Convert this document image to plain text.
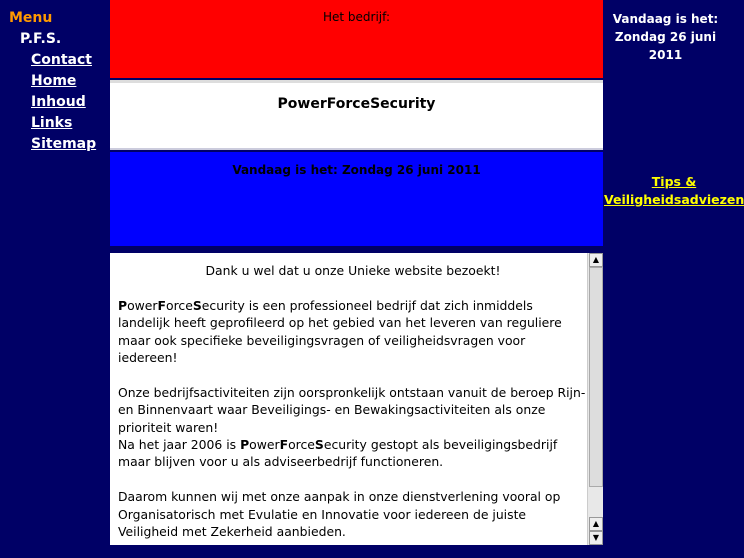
Menu
P.F.S.
Contact
Home
Inhoud
Links
Sitemap
Het bedrijf:
PowerForceSecurity
Vandaag is het: Zondag 26 juni 2011

Dank u wel dat u onze Unieke website bezoekt!

PowerForceSecurity is een professioneel bedrijf dat zich inmiddels landelijk heeft geprofileerd op het gebied van het leveren van reguliere maar ook specifieke beveiligingsvragen of veiligheidsvragen voor iedereen!

Onze bedrijfsactiviteiten zijn oorspronkelijk ontstaan vanuit de beroep Rijn- en Binnenvaart waar Beveiligings- en Bewakingsactiviteiten als onze prioriteit waren!

Na het jaar 2006 is PowerForceSecurity gestopt als beveiligingsbedrijf maar blijven voor u als adviseerbedrijf functioneren.

Daarom kunnen wij met onze aanpak in onze dienstverlening vooral op Organisatorisch met Evulatie en Innovatie voor iedereen de juiste Veiligheid met Zekerheid aanbieden.

▲
▲
▼
Vandaag is het: Zondag 26 juni 2011
Tips &
Veiligheidsadviezen
